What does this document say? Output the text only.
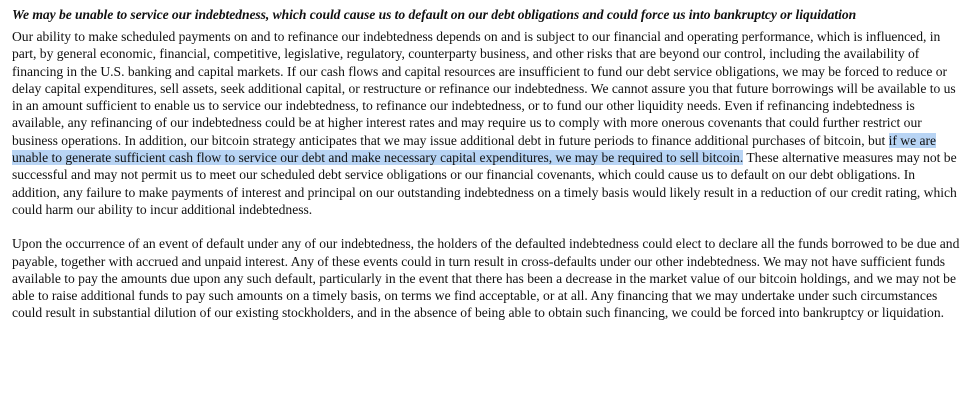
We may be unable to service our indebtedness, which could cause us to default on our debt obligations and could force us into bankruptcy or liquidation

Our ability to make scheduled payments on and to refinance our indebtedness depends on and is subject to our financial and operating performance, which is influenced, in part, by general economic, financial, competitive, legislative, regulatory, counterparty business, and other risks that are beyond our control, including the availability of financing in the U.S. banking and capital markets. If our cash flows and capital resources are insufficient to fund our debt service obligations, we may be forced to reduce or delay capital expenditures, sell assets, seek additional capital, or restructure or refinance our indebtedness. We cannot assure you that future borrowings will be available to us in an amount sufficient to enable us to service our indebtedness, to refinance our indebtedness, or to fund our other liquidity needs. Even if refinancing indebtedness is available, any refinancing of our indebtedness could be at higher interest rates and may require us to comply with more onerous covenants that could further restrict our business operations. In addition, our bitcoin strategy anticipates that we may issue additional debt in future periods to finance additional purchases of bitcoin, but if we are unable to generate sufficient cash flow to service our debt and make necessary capital expenditures, we may be required to sell bitcoin. These alternative measures may not be successful and may not permit us to meet our scheduled debt service obligations or our financial covenants, which could cause us to default on our debt obligations. In addition, any failure to make payments of interest and principal on our outstanding indebtedness on a timely basis would likely result in a reduction of our credit rating, which could harm our ability to incur additional indebtedness.

Upon the occurrence of an event of default under any of our indebtedness, the holders of the defaulted indebtedness could elect to declare all the funds borrowed to be due and payable, together with accrued and unpaid interest. Any of these events could in turn result in cross-defaults under our other indebtedness. We may not have sufficient funds available to pay the amounts due upon any such default, particularly in the event that there has been a decrease in the market value of our bitcoin holdings, and we may not be able to raise additional funds to pay such amounts on a timely basis, on terms we find acceptable, or at all. Any financing that we may undertake under such circumstances could result in substantial dilution of our existing stockholders, and in the absence of being able to obtain such financing, we could be forced into bankruptcy or liquidation.
